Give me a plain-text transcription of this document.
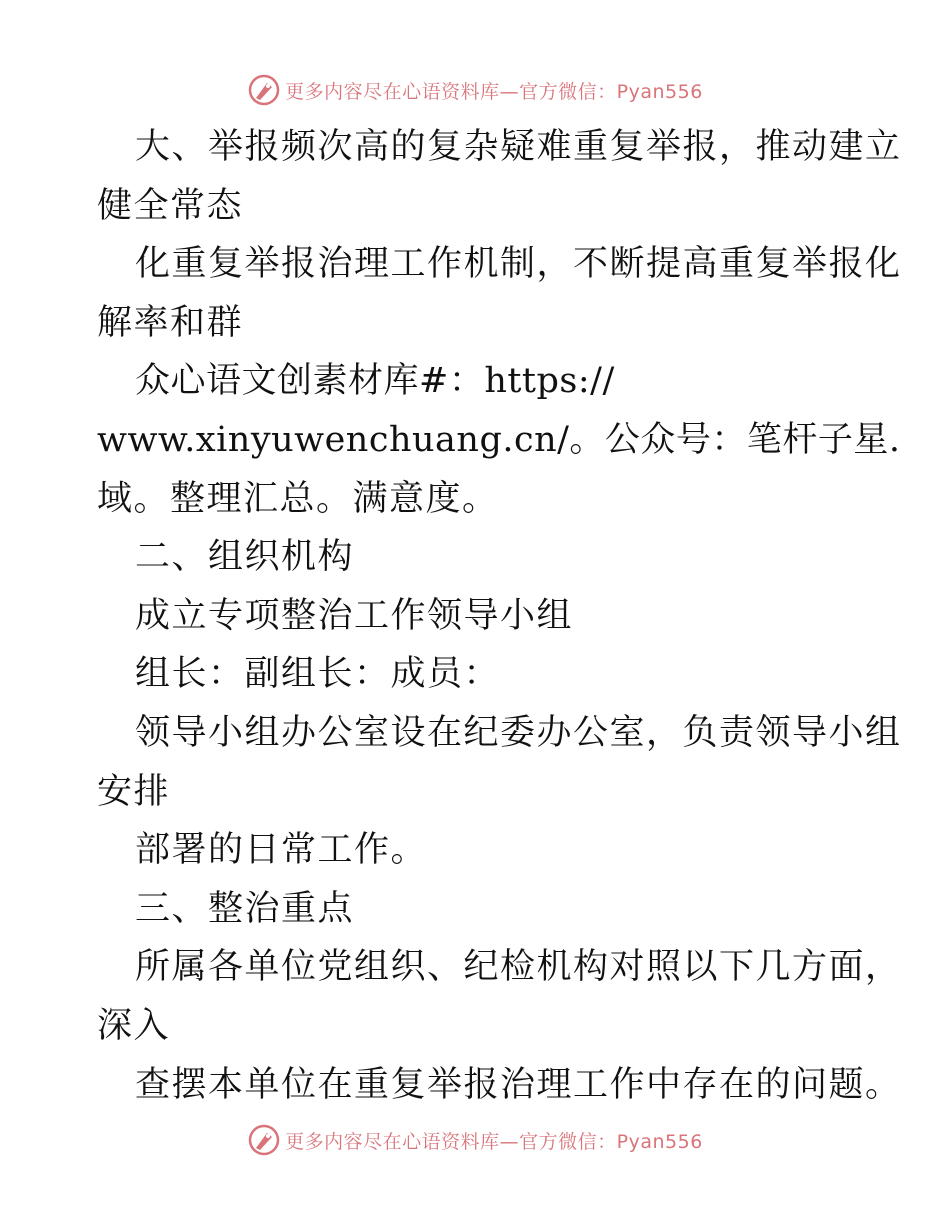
更多内容尽在心语资料库—官方微信：Pyan556
大、举报频次高的复杂疑难重复举报，推动建立
健全常态
化重复举报治理工作机制，不断提高重复举报化
解率和群
众心语文创素材库#：https://
www.xinyuwenchuang.cn/。公众号：笔杆子星.
域。整理汇总。满意度。
二、组织机构
成立专项整治工作领导小组
组长：副组长：成员：
领导小组办公室设在纪委办公室，负责领导小组
安排
部署的日常工作。
三、整治重点
所属各单位党组织、纪检机构对照以下几方面，
深入
查摆本单位在重复举报治理工作中存在的问题。
更多内容尽在心语资料库—官方微信：Pyan556
